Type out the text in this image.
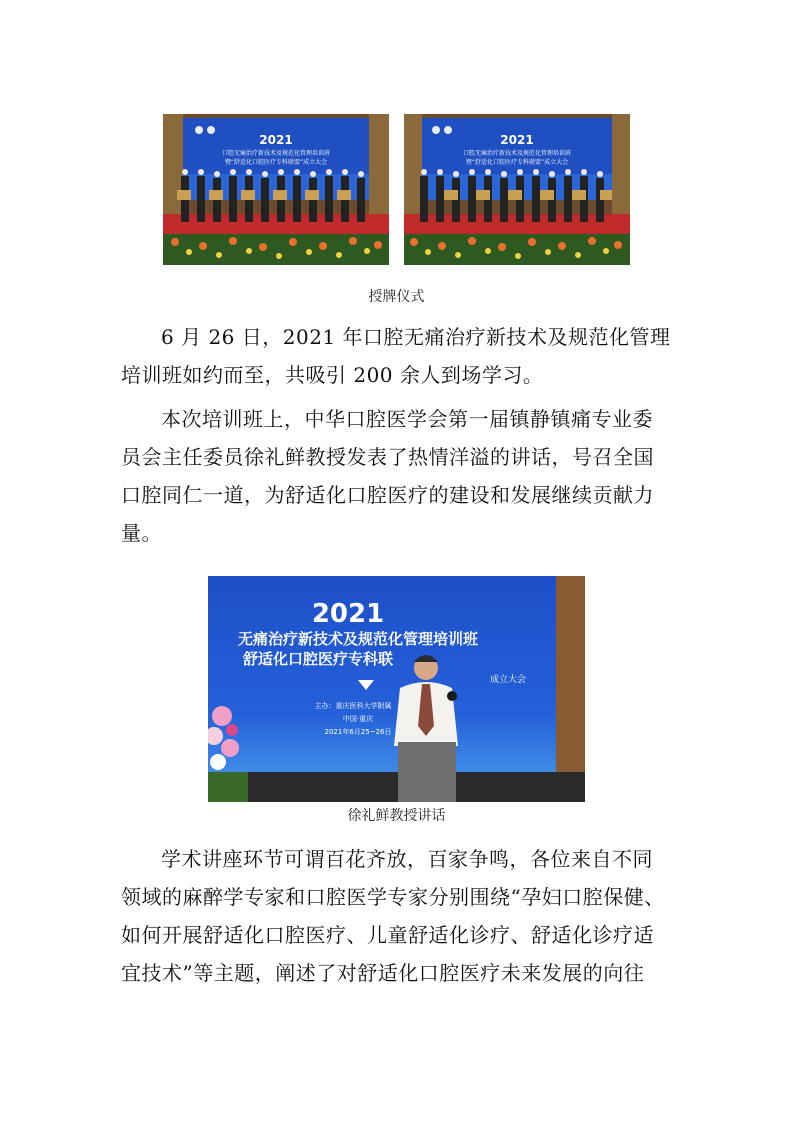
2021
口腔无痛治疗新技术及规范化管理培训班
暨“舒适化口腔医疗专科联盟”成立大会
2021
口腔无痛治疗新技术及规范化管理培训班
暨“舒适化口腔医疗专科联盟”成立大会
授牌仪式

6 月 26 日，2021 年口腔无痛治疗新技术及规范化管理
培训班如约而至，共吸引 200 余人到场学习。

本次培训班上，中华口腔医学会第一届镇静镇痛专业委
员会主任委员徐礼鲜教授发表了热情洋溢的讲话，号召全国
口腔同仁一道，为舒适化口腔医疗的建设和发展继续贡献力
量。

2021
无痛治疗新技术及规范化管理培训班
舒适化口腔医疗专科联
成立大会
主办：重庆医科大学附属
中国·重庆
2021年6月25~26日
徐礼鲜教授讲话

学术讲座环节可谓百花齐放，百家争鸣，各位来自不同
领域的麻醉学专家和口腔医学专家分别围绕“孕妇口腔保健、
如何开展舒适化口腔医疗、儿童舒适化诊疗、舒适化诊疗适
宜技术”等主题，阐述了对舒适化口腔医疗未来发展的向往
